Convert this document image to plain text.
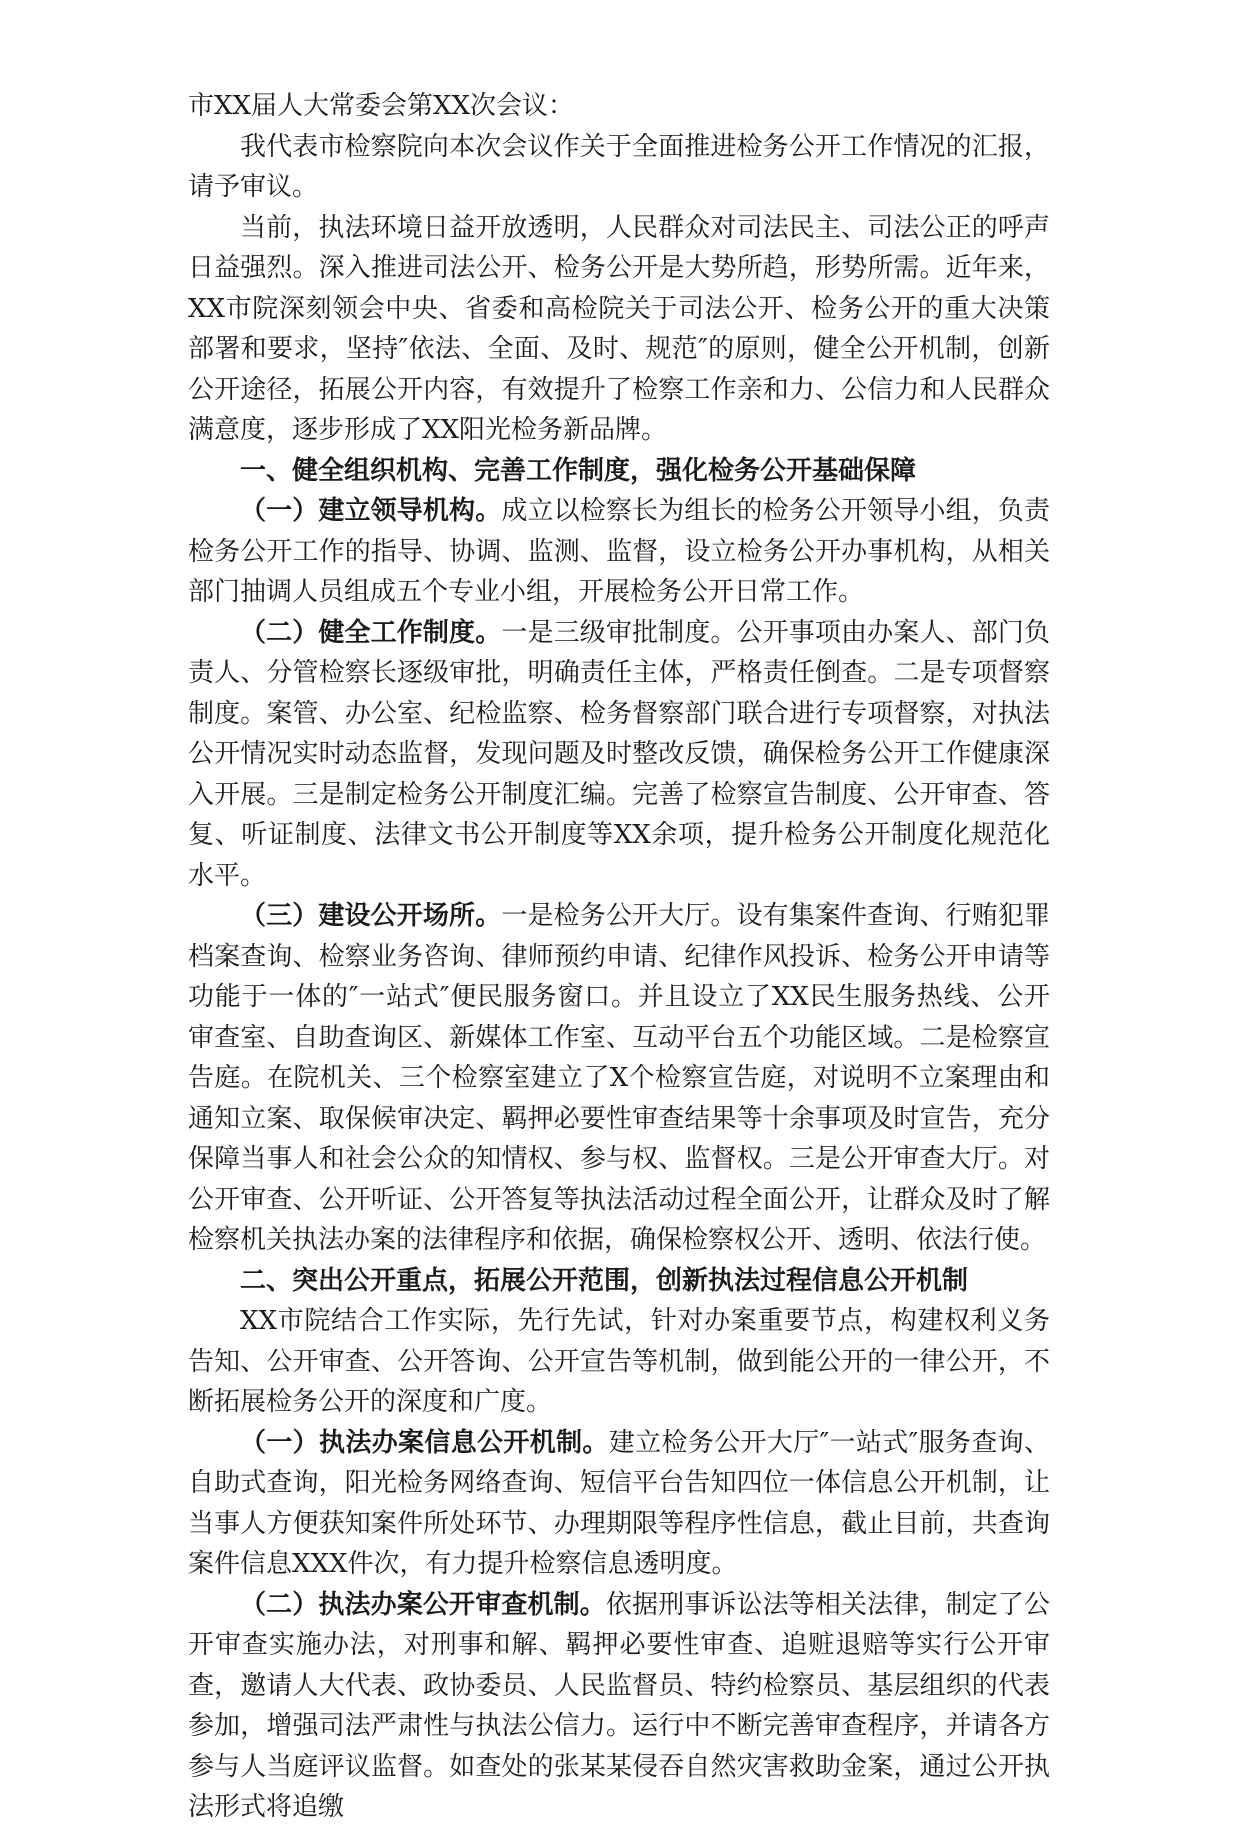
市XX届人大常委会第XX次会议：

我代表市检察院向本次会议作关于全面推进检务公开工作情况的汇报，请予审议。

当前，执法环境日益开放透明，人民群众对司法民主、司法公正的呼声日益强烈。深入推进司法公开、检务公开是大势所趋，形势所需。近年来，XX市院深刻领会中央、省委和高检院关于司法公开、检务公开的重大决策部署和要求，坚持″依法、全面、及时、规范″的原则，健全公开机制，创新公开途径，拓展公开内容，有效提升了检察工作亲和力、公信力和人民群众满意度，逐步形成了XX阳光检务新品牌。

一、健全组织机构、完善工作制度，强化检务公开基础保障

（一）建立领导机构。成立以检察长为组长的检务公开领导小组，负责检务公开工作的指导、协调、监测、监督，设立检务公开办事机构，从相关部门抽调人员组成五个专业小组，开展检务公开日常工作。

（二）健全工作制度。一是三级审批制度。公开事项由办案人、部门负责人、分管检察长逐级审批，明确责任主体，严格责任倒查。二是专项督察制度。案管、办公室、纪检监察、检务督察部门联合进行专项督察，对执法公开情况实时动态监督，发现问题及时整改反馈，确保检务公开工作健康深入开展。三是制定检务公开制度汇编。完善了检察宣告制度、公开审查、答复、听证制度、法律文书公开制度等XX余项，提升检务公开制度化规范化水平。

（三）建设公开场所。一是检务公开大厅。设有集案件查询、行贿犯罪档案查询、检察业务咨询、律师预约申请、纪律作风投诉、检务公开申请等功能于一体的″一站式″便民服务窗口。并且设立了XX民生服务热线、公开审查室、自助查询区、新媒体工作室、互动平台五个功能区域。二是检察宣告庭。在院机关、三个检察室建立了X个检察宣告庭，对说明不立案理由和通知立案、取保候审决定、羁押必要性审查结果等十余事项及时宣告，充分保障当事人和社会公众的知情权、参与权、监督权。三是公开审查大厅。对公开审查、公开听证、公开答复等执法活动过程全面公开，让群众及时了解检察机关执法办案的法律程序和依据，确保检察权公开、透明、依法行使。

二、突出公开重点，拓展公开范围，创新执法过程信息公开机制

XX市院结合工作实际，先行先试，针对办案重要节点，构建权利义务告知、公开审查、公开答询、公开宣告等机制，做到能公开的一律公开，不断拓展检务公开的深度和广度。

（一）执法办案信息公开机制。建立检务公开大厅″一站式″服务查询、自助式查询，阳光检务网络查询、短信平台告知四位一体信息公开机制，让当事人方便获知案件所处环节、办理期限等程序性信息，截止目前，共查询案件信息XXX件次，有力提升检察信息透明度。

（二）执法办案公开审查机制。依据刑事诉讼法等相关法律，制定了公开审查实施办法，对刑事和解、羁押必要性审查、追赃退赔等实行公开审查，邀请人大代表、政协委员、人民监督员、特约检察员、基层组织的代表参加，增强司法严肃性与执法公信力。运行中不断完善审查程序，并请各方参与人当庭评议监督。如查处的张某某侵吞自然灾害救助金案，通过公开执法形式将追缴
